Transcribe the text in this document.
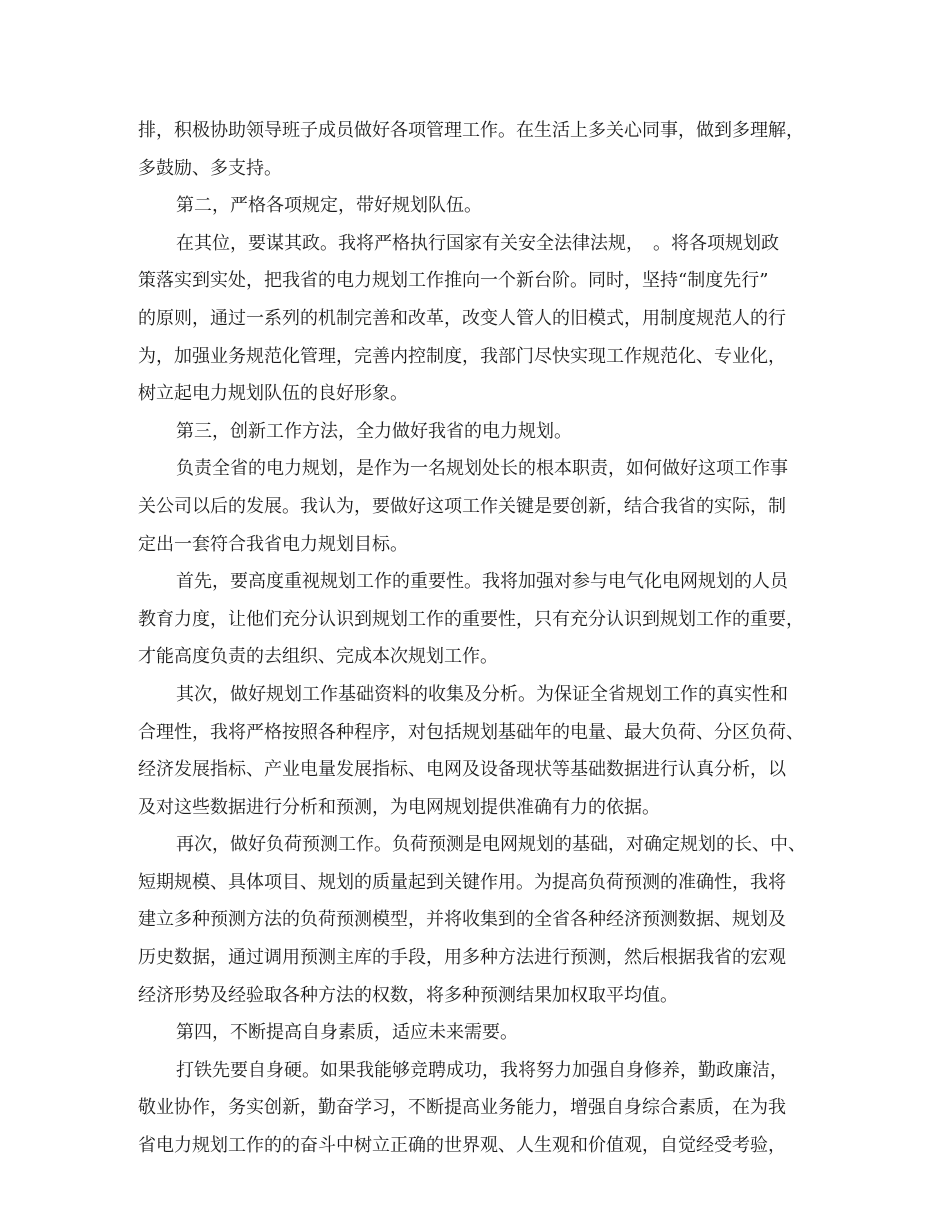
排，积极协助领导班子成员做好各项管理工作。在生活上多关心同事，做到多理解，
多鼓励、多支持。
第二，严格各项规定，带好规划队伍。
在其位，要谋其政。我将严格执行国家有关安全法律法规，　。将各项规划政
策落实到实处，把我省的电力规划工作推向一个新台阶。同时，坚持“制度先行”
的原则，通过一系列的机制完善和改革，改变人管人的旧模式，用制度规范人的行
为，加强业务规范化管理，完善内控制度，我部门尽快实现工作规范化、专业化，
树立起电力规划队伍的良好形象。
第三，创新工作方法，全力做好我省的电力规划。
负责全省的电力规划，是作为一名规划处长的根本职责，如何做好这项工作事
关公司以后的发展。我认为，要做好这项工作关键是要创新，结合我省的实际，制
定出一套符合我省电力规划目标。
首先，要高度重视规划工作的重要性。我将加强对参与电气化电网规划的人员
教育力度，让他们充分认识到规划工作的重要性，只有充分认识到规划工作的重要，
才能高度负责的去组织、完成本次规划工作。
其次，做好规划工作基础资料的收集及分析。为保证全省规划工作的真实性和
合理性，我将严格按照各种程序，对包括规划基础年的电量、最大负荷、分区负荷、
经济发展指标、产业电量发展指标、电网及设备现状等基础数据进行认真分析，以
及对这些数据进行分析和预测，为电网规划提供准确有力的依据。
再次，做好负荷预测工作。负荷预测是电网规划的基础，对确定规划的长、中、
短期规模、具体项目、规划的质量起到关键作用。为提高负荷预测的准确性，我将
建立多种预测方法的负荷预测模型，并将收集到的全省各种经济预测数据、规划及
历史数据，通过调用预测主库的手段，用多种方法进行预测，然后根据我省的宏观
经济形势及经验取各种方法的权数，将多种预测结果加权取平均值。
第四，不断提高自身素质，适应未来需要。
打铁先要自身硬。如果我能够竞聘成功，我将努力加强自身修养，勤政廉洁，
敬业协作，务实创新，勤奋学习，不断提高业务能力，增强自身综合素质，在为我
省电力规划工作的的奋斗中树立正确的世界观、人生观和价值观，自觉经受考验，
